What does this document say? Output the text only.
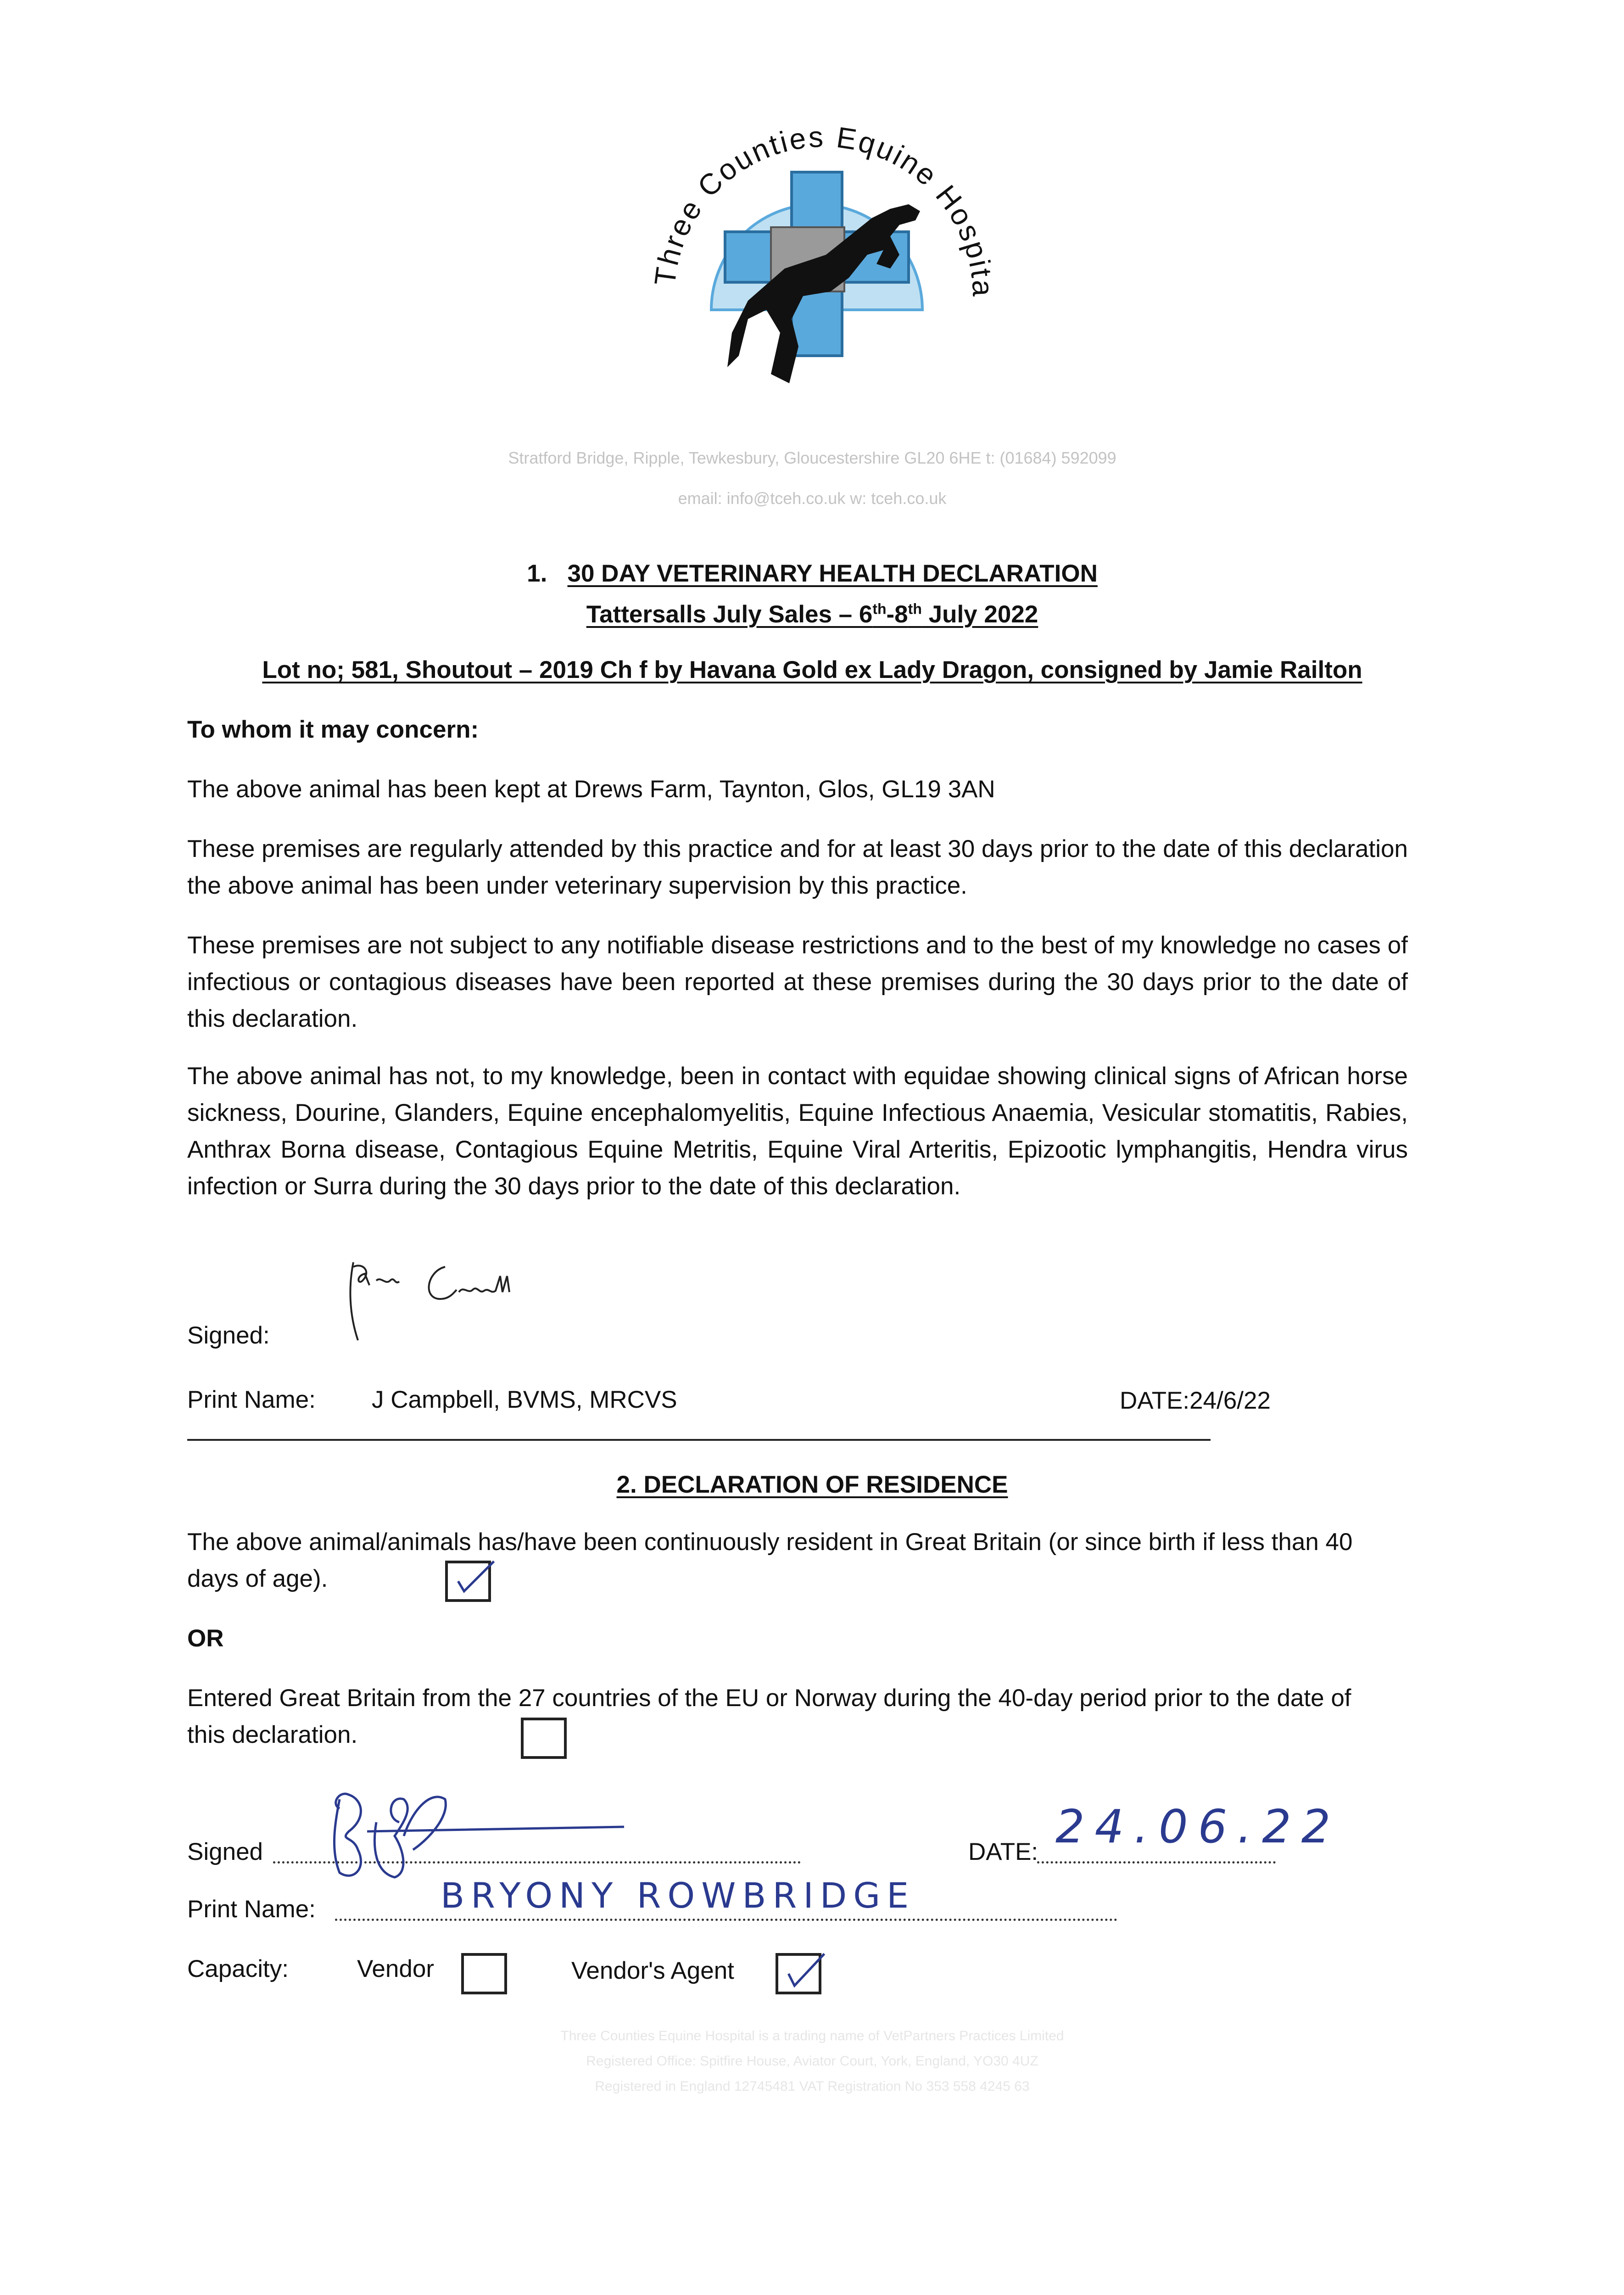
Three Counties Equine Hospit
Stratford Bridge, Ripple, Tewkesbury, Gloucestershire GL20 6HE t: (01684) 592099
email: info@tceh.co.uk w: tceh.co.uk
1. 30 DAY VETERINARY HEALTH DECLARATION
Tattersalls July Sales – 6th-8th July 2022
Lot no; 581, Shoutout – 2019 Ch f by Havana Gold ex Lady Dragon, consigned by Jamie Railton
To whom it may concern:
The above animal has been kept at Drews Farm, Taynton, Glos, GL19 3AN
These premises are regularly attended by this practice and for at least 30 days prior to the date of this declaration the above animal has been under veterinary supervision by this practice.
These premises are not subject to any notifiable disease restrictions and to the best of my knowledge no cases of infectious or contagious diseases have been reported at these premises during the 30 days prior to the date of this declaration.
The above animal has not, to my knowledge, been in contact with equidae showing clinical signs of African horse sickness, Dourine, Glanders, Equine encephalomyelitis, Equine Infectious Anaemia, Vesicular stomatitis, Rabies, Anthrax Borna disease, Contagious Equine Metritis, Equine Viral Arteritis, Epizootic lymphangitis, Hendra virus infection or Surra during the 30 days prior to the date of this declaration.
Signed:
Print Name: J Campbell, BVMS, MRCVS	DATE:24/6/22
2. DECLARATION OF RESIDENCE
The above animal/animals has/have been continuously resident in Great Britain (or since birth if less than 40 days of age).
OR
Entered Great Britain from the 27 countries of the EU or Norway during the 40-day period prior to the date of this declaration.
Signed	DATE: 24.06.22
Print Name:	BRYONY ROWBRIDGE
Capacity:	Vendor	Vendor's Agent
Three Counties Equine Hospital is a trading name of VetPartners Practices Limited
Registered Office: Spitfire House, Aviator Court, York, England, YO30 4UZ
Registered in England 12745481 VAT Registration No 353 558 4245 63
